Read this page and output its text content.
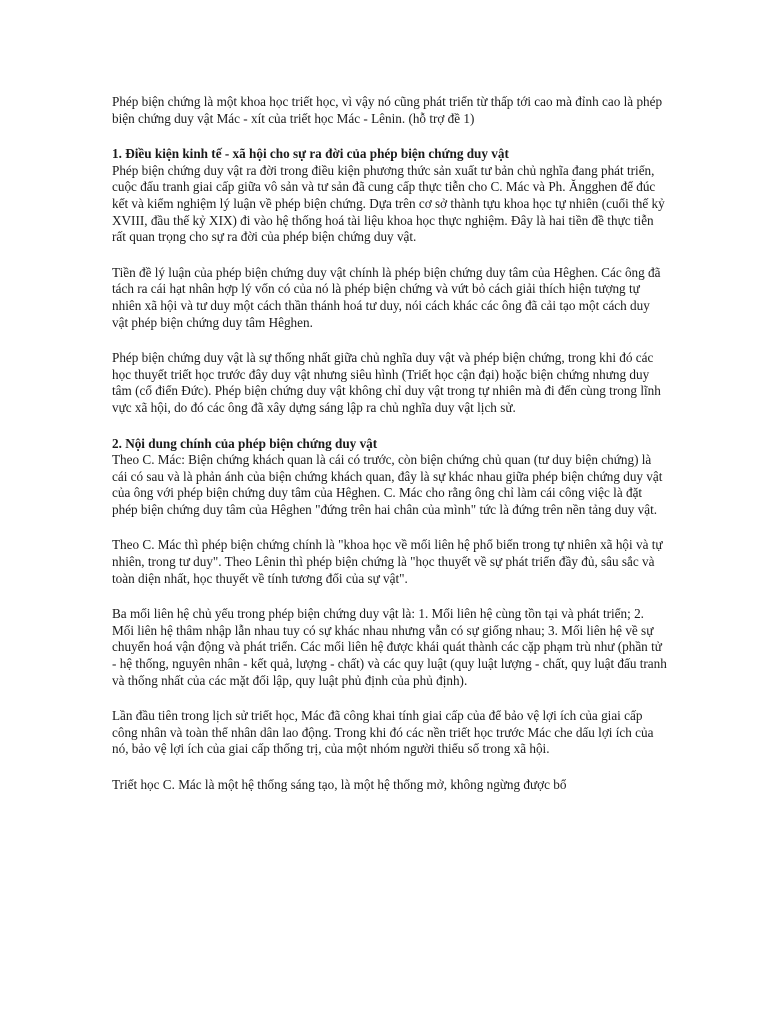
Phép biện chứng là một khoa học triết học, vì vậy nó cũng phát triển từ thấp tới cao mà đỉnh cao là phép biện chứng duy vật Mác - xít của triết học Mác - Lênin. (hỗ trợ đề 1)

1. Điều kiện kinh tế - xã hội cho sự ra đời của phép biện chứng duy vật

Phép biện chứng duy vật ra đời trong điều kiện phương thức sản xuất tư bản chủ nghĩa đang phát triển, cuộc đấu tranh giai cấp giữa vô sản và tư sản đã cung cấp thực tiễn cho C. Mác và Ph. Ăngghen để đúc kết và kiểm nghiệm lý luận về phép biện chứng. Dựa trên cơ sở thành tựu khoa học tự nhiên (cuối thế kỷ XVIII, đầu thế kỷ XIX) đi vào hệ thống hoá tài liệu khoa học thực nghiệm. Đây là hai tiền đề thực tiễn rất quan trọng cho sự ra đời của phép biện chứng duy vật.

Tiền đề lý luận của phép biện chứng duy vật chính là phép biện chứng duy tâm của Hêghen. Các ông đã tách ra cái hạt nhân hợp lý vốn có của nó là phép biện chứng và vứt bỏ cách giải thích hiện tượng tự nhiên xã hội và tư duy một cách thần thánh hoá tư duy, nói cách khác các ông đã cải tạo một cách duy vật phép biện chứng duy tâm Hêghen.

Phép biện chứng duy vật là sự thống nhất giữa chủ nghĩa duy vật và phép biện chứng, trong khi đó các học thuyết triết học trước đây duy vật nhưng siêu hình (Triết học cận đại) hoặc biện chứng nhưng duy tâm (cổ điển Đức). Phép biện chứng duy vật không chỉ duy vật trong tự nhiên mà đi đến cùng trong lĩnh vực xã hội, do đó các ông đã xây dựng sáng lập ra chủ nghĩa duy vật lịch sử.

2. Nội dung chính của phép biện chứng duy vật

Theo C. Mác: Biện chứng khách quan là cái có trước, còn biện chứng chủ quan (tư duy biện chứng) là cái có sau và là phản ánh của biện chứng khách quan, đây là sự khác nhau giữa phép biện chứng duy vật của ông với phép biện chứng duy tâm của Hêghen. C. Mác cho rằng ông chỉ làm cái công việc là đặt phép biện chứng duy tâm của Hêghen "đứng trên hai chân của mình" tức là đứng trên nền tảng duy vật.

Theo C. Mác thì phép biện chứng chính là "khoa học về mối liên hệ phổ biến trong tự nhiên xã hội và tự nhiên, trong tư duy". Theo Lênin thì phép biện chứng là "học thuyết về sự phát triển đầy đủ, sâu sắc và toàn diện nhất, học thuyết về tính tương đối của sự vật".

Ba mối liên hệ chủ yếu trong phép biện chứng duy vật là: 1. Mối liên hệ cùng tồn tại và phát triển; 2. Mối liên hệ thâm nhập lẫn nhau tuy có sự khác nhau nhưng vẫn có sự giống nhau; 3. Mối liên hệ về sự chuyển hoá vận động và phát triển. Các mối liên hệ được khái quát thành các cặp phạm trù như (phần tử - hệ thống, nguyên nhân - kết quả, lượng - chất) và các quy luật (quy luật lượng - chất, quy luật đấu tranh và thống nhất của các mặt đối lập, quy luật phủ định của phủ định).

Lần đầu tiên trong lịch sử triết học, Mác đã công khai tính giai cấp của để bảo vệ lợi ích của giai cấp công nhân và toàn thể nhân dân lao động. Trong khi đó các nền triết học trước Mác che dấu lợi ích của nó, bảo vệ lợi ích của giai cấp thống trị, của một nhóm người thiểu số trong xã hội.

Triết học C. Mác là một hệ thống sáng tạo, là một hệ thống mở, không ngừng được bổ
